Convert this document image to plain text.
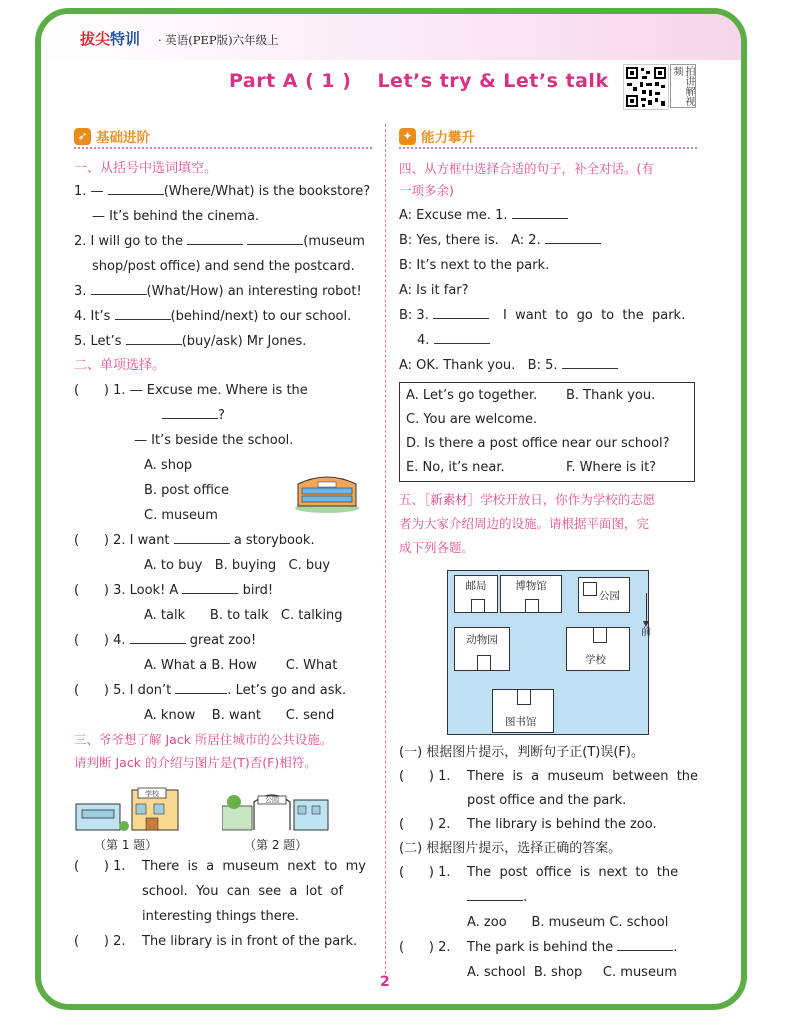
拔尖特训 · 英语(PEP版)六年级上
Part A ( 1 ) Let’s try & Let’s talk	拍讲解视频
➶ 基础进阶
一、从括号中选词填空。
1. —	(Where/What) is the bookstore?
— It’s behind the cinema.
2. I will go to the	(museum
shop/post office) and send the postcard.
3.	(What/How) an interesting robot!
4. It’s	(behind/next) to our school.
5. Let’s	(buy/ask) Mr Jones.
二、单项选择。
(      ) 1. — Excuse me. Where is the
?
— It’s beside the school.
A. shop
B. post office
C. museum
(      ) 2. I want	a storybook.
A. to buy   B. buying   C. buy
(      ) 3. Look! A	bird!
A. talk      B. to talk   C. talking
(      ) 4.	great zoo!
A. What a B. How       C. What
(      ) 5. I don’t	. Let’s go and ask.
A. know    B. want      C. send
三、爷爷想了解 Jack 所居住城市的公共设施。
请判断 Jack 的介绍与图片是(T)否(F)相符。
学校
公园
（第 1 题）	（第 2 题）
(      ) 1. There  is  a  museum  next  to  my
school.  You  can  see  a  lot  of
interesting things there.
(      ) 2. The library is in front of the park.
✦ 能力攀升
四、从方框中选择合适的句子，补全对话。(有
一项多余)
A: Excuse me. 1.
B: Yes, there is.   A: 2.
B: It’s next to the park.
A: Is it far?
B: 3.	I  want  to  go  to  the  park.
4.
A: OK. Thank you.   B: 5.
A. Let’s go together. B. Thank you.
C. You are welcome.
D. Is there a post office near our school?
E. No, it’s near.	F. Where is it?
五、［新素材］学校开放日，你作为学校的志愿
者为大家介绍周边的设施。请根据平面图，完
成下列各题。
邮局	博物馆
公园
动物园
学校
图书馆
前
(一) 根据图片提示，判断句子正(T)误(F)。
(      ) 1. There  is  a  museum  between  the
post office and the park.
(      ) 2. The library is behind the zoo.
(二) 根据图片提示，选择正确的答案。
(      ) 1. The  post  office  is  next  to  the
.
A. zoo      B. museum C. school
(      ) 2. The park is behind the	.
A. school  B. shop     C. museum
2
